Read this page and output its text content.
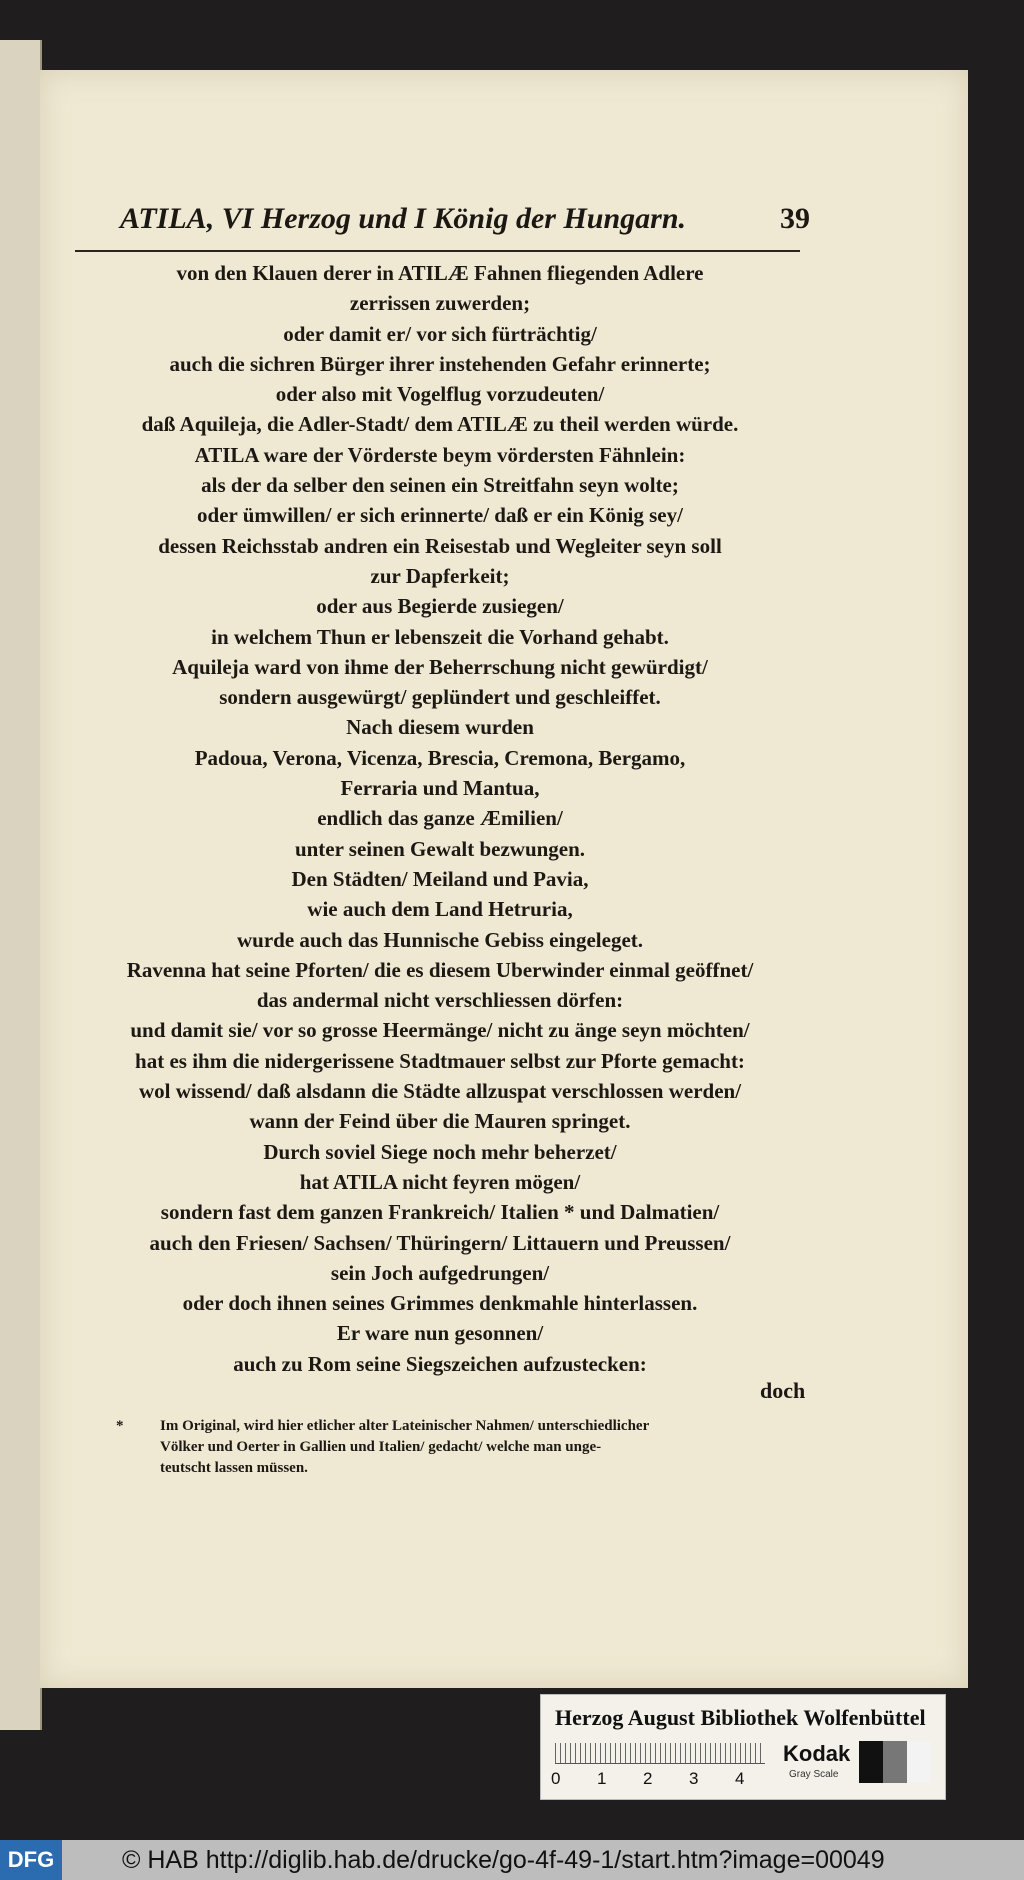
ATILA, VI Herzog und I König der Hungarn.	39
von den Klauen derer in ATILÆ Fahnen fliegenden Adlere
zerrissen zuwerden;
oder damit er/ vor sich fürträchtig/
auch die sichren Bürger ihrer instehenden Gefahr erinnerte;
oder also mit Vogelflug vorzudeuten/
daß Aquileja, die Adler-Stadt/ dem ATILÆ zu theil werden würde.
ATILA ware der Vörderste beym vördersten Fähnlein:
als der da selber den seinen ein Streitfahn seyn wolte;
oder ümwillen/ er sich erinnerte/ daß er ein König sey/
dessen Reichsstab andren ein Reisestab und Wegleiter seyn soll
zur Dapferkeit;
oder aus Begierde zusiegen/
in welchem Thun er lebenszeit die Vorhand gehabt.
Aquileja ward von ihme der Beherrschung nicht gewürdigt/
sondern ausgewürgt/ geplündert und geschleiffet.
Nach diesem wurden
Padoua, Verona, Vicenza, Brescia, Cremona, Bergamo,
Ferraria und Mantua,
endlich das ganze Æmilien/
unter seinen Gewalt bezwungen.
Den Städten/ Meiland und Pavia,
wie auch dem Land Hetruria,
wurde auch das Hunnische Gebiss eingeleget.
Ravenna hat seine Pforten/ die es diesem Uberwinder einmal geöffnet/
das andermal nicht verschliessen dörfen:
und damit sie/ vor so grosse Heermänge/ nicht zu änge seyn möchten/
hat es ihm die nidergerissene Stadtmauer selbst zur Pforte gemacht:
wol wissend/ daß alsdann die Städte allzuspat verschlossen werden/
wann der Feind über die Mauren springet.
Durch soviel Siege noch mehr beherzet/
hat ATILA nicht feyren mögen/
sondern fast dem ganzen Frankreich/ Italien * und Dalmatien/
auch den Friesen/ Sachsen/ Thüringern/ Littauern und Preussen/
sein Joch aufgedrungen/
oder doch ihnen seines Grimmes denkmahle hinterlassen.
Er ware nun gesonnen/
auch zu Rom seine Siegszeichen aufzustecken:
doch
*	Im Original, wird hier etlicher alter Lateinischer Nahmen/ unterschiedlicher
Völker und Oerter in Gallien und Italien/ gedacht/ welche man unge-
teutscht lassen müssen.
Herzog August Bibliothek Wolfenbüttel
0	1	2	3	4
Kodak
Gray Scale
DFG	© HAB http://diglib.hab.de/drucke/go-4f-49-1/start.htm?image=00049
